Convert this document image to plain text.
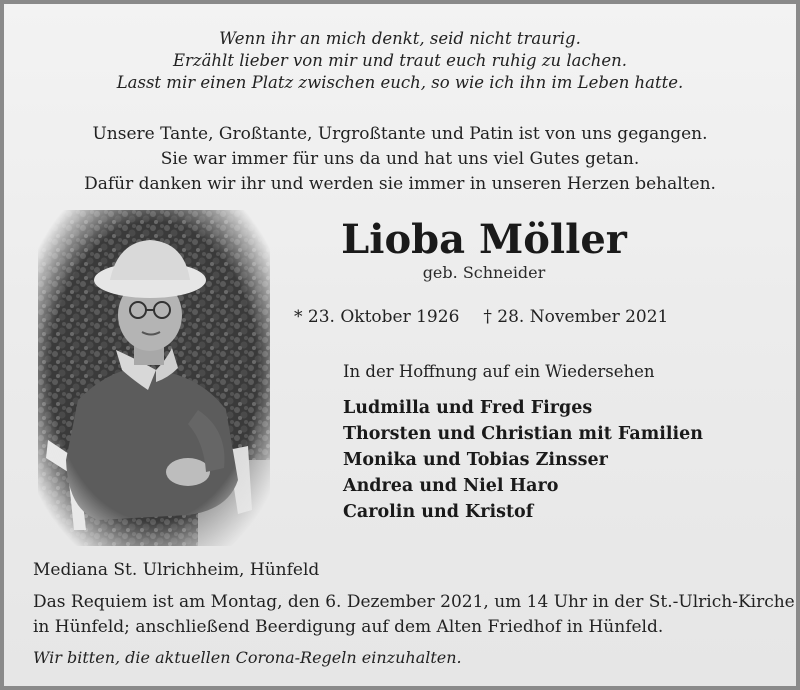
Wenn ihr an mich denkt, seid nicht traurig.
Erzählt lieber von mir und traut euch ruhig zu lachen.
Lasst mir einen Platz zwischen euch, so wie ich ihn im Leben hatte.
Unsere Tante, Großtante, Urgroßtante und Patin ist von uns gegangen.
Sie war immer für uns da und hat uns viel Gutes getan.
Dafür danken wir ihr und werden sie immer in unseren Herzen behalten.
Lioba Möller
geb. Schneider
* 23. Oktober 1926 † 28. November 2021
In der Hoffnung auf ein Wiedersehen
Ludmilla und Fred Firges
Thorsten und Christian mit Familien
Monika und Tobias Zinsser
Andrea und Niel Haro
Carolin und Kristof
Mediana St. Ulrichheim, Hünfeld
Das Requiem ist am Montag, den 6. Dezember 2021, um 14 Uhr in der St.-Ulrich-Kirche
in Hünfeld; anschließend Beerdigung auf dem Alten Friedhof in Hünfeld.
Wir bitten, die aktuellen Corona-Regeln einzuhalten.
